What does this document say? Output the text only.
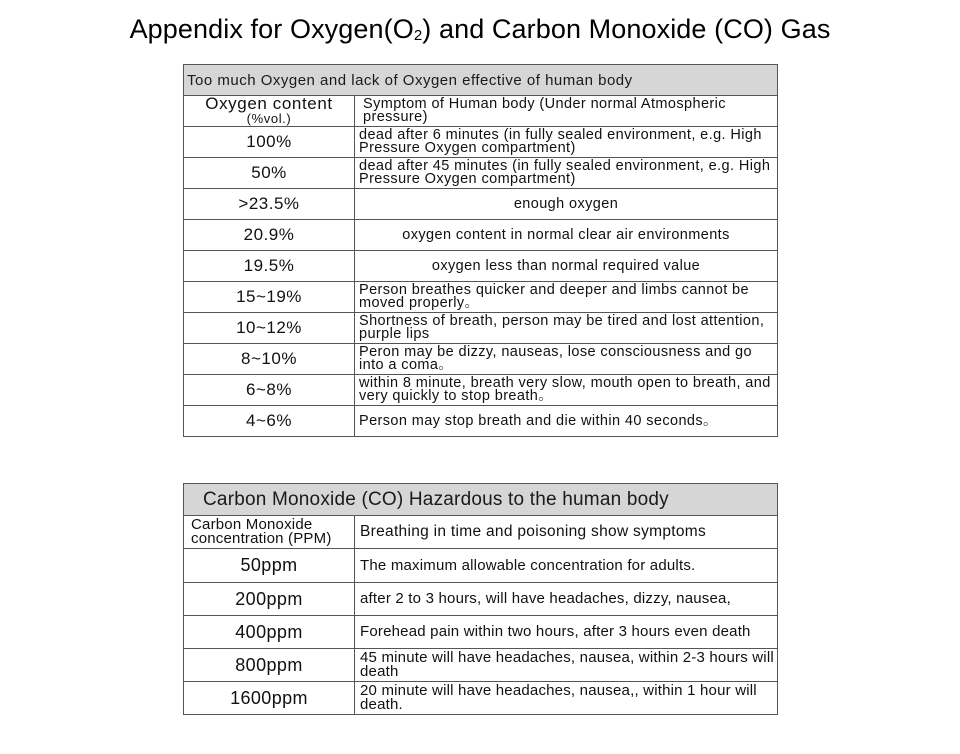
Appendix for $Oxygen(O_2)$ and Carbon Monoxide (CO) Gas
Too much Oxygen and lack of Oxygen effective of human body	
Oxygen content
(%vol.)	Symptom of Human body (Under normal Atmospheric pressure)
100%	dead after 6 minutes (in fully sealed environment, e.g. High Pressure Oxygen compartment)
50%	dead after 45 minutes (in fully sealed environment, e.g. High Pressure Oxygen compartment)
>23.5%	enough oxygen
20.9%	oxygen content in normal clear air environments
19.5%	oxygen less than normal required value
15~19%	Person breathes quicker and deeper and limbs cannot be moved properly。
10~12%	Shortness of breath, person may be tired and lost attention, purple lips
8~10%	Peron may be dizzy, nauseas, lose consciousness and go into a coma。
6~8%	within 8 minute, breath very slow, mouth open to breath, and very quickly to stop breath。
4~6%	Person may stop breath and die within 40 seconds。
Carbon Monoxide (CO) Hazardous to the human body	
Carbon Monoxide concentration (PPM)	Breathing in time and poisoning show symptoms
50ppm	The maximum allowable concentration for adults.
200ppm	after 2 to 3 hours, will have headaches, dizzy, nausea,
400ppm	Forehead pain within two hours, after 3 hours even death
800ppm	45 minute will have headaches, nausea, within 2-3 hours will death
1600ppm	20 minute will have headaches, nausea,, within 1 hour will death.
